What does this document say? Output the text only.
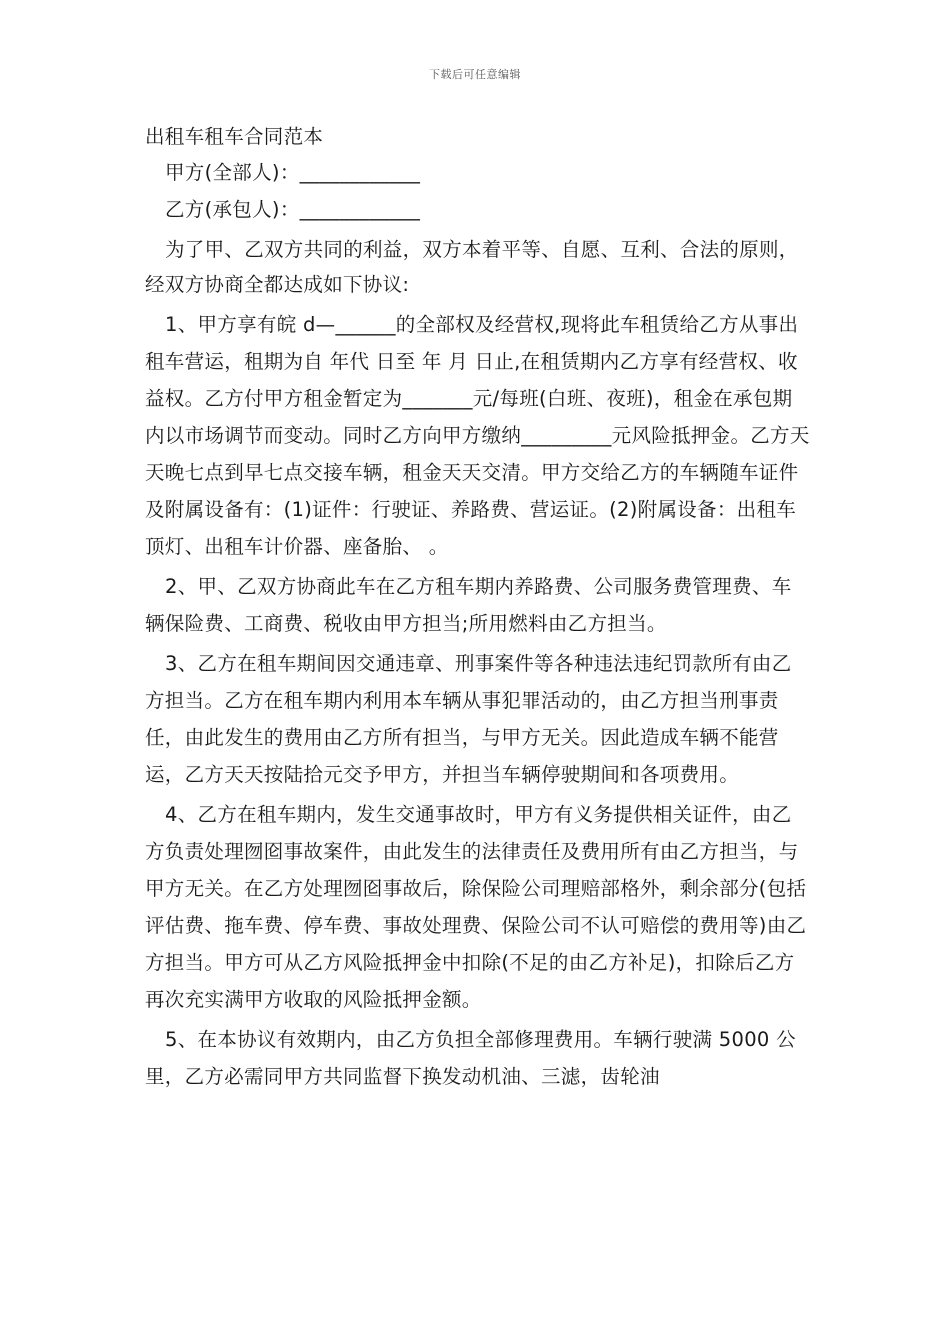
下载后可任意编辑

出租车租车合同范本

甲方(全部人)：____________

乙方(承包人)：____________

为了甲、乙双方共同的利益，双方本着平等、自愿、互利、合法的原则，经双方协商全都达成如下协议:

1、甲方享有皖 d—______的全部权及经营权,现将此车租赁给乙方从事出租车营运，租期为自 年代 日至 年 月 日止,在租赁期内乙方享有经营权、收益权。乙方付甲方租金暂定为_______元/每班(白班、夜班)，租金在承包期内以市场调节而变动。同时乙方向甲方缴纳_________元风险抵押金。乙方天天晚七点到早七点交接车辆，租金天天交清。甲方交给乙方的车辆随车证件及附属设备有：(1)证件：行驶证、养路费、营运证。(2)附属设备：出租车顶灯、出租车计价器、座备胎、 。

2、甲、乙双方协商此车在乙方租车期内养路费、公司服务费管理费、车辆保险费、工商费、税收由甲方担当;所用燃料由乙方担当。

3、乙方在租车期间因交通违章、刑事案件等各种违法违纪罚款所有由乙方担当。乙方在租车期内利用本车辆从事犯罪活动的，由乙方担当刑事责任，由此发生的费用由乙方所有担当，与甲方无关。因此造成车辆不能营运，乙方天天按陆拾元交予甲方，并担当车辆停驶期间和各项费用。

4、乙方在租车期内，发生交通事故时，甲方有义务提供相关证件，由乙方负责处理囫囵事故案件，由此发生的法律责任及费用所有由乙方担当，与甲方无关。在乙方处理囫囵事故后，除保险公司理赔部格外，剩余部分(包括评估费、拖车费、停车费、事故处理费、保险公司不认可赔偿的费用等)由乙方担当。甲方可从乙方风险抵押金中扣除(不足的由乙方补足)，扣除后乙方再次充实满甲方收取的风险抵押金额。

5、在本协议有效期内，由乙方负担全部修理费用。车辆行驶满 5000 公里，乙方必需同甲方共同监督下换发动机油、三滤，齿轮油
